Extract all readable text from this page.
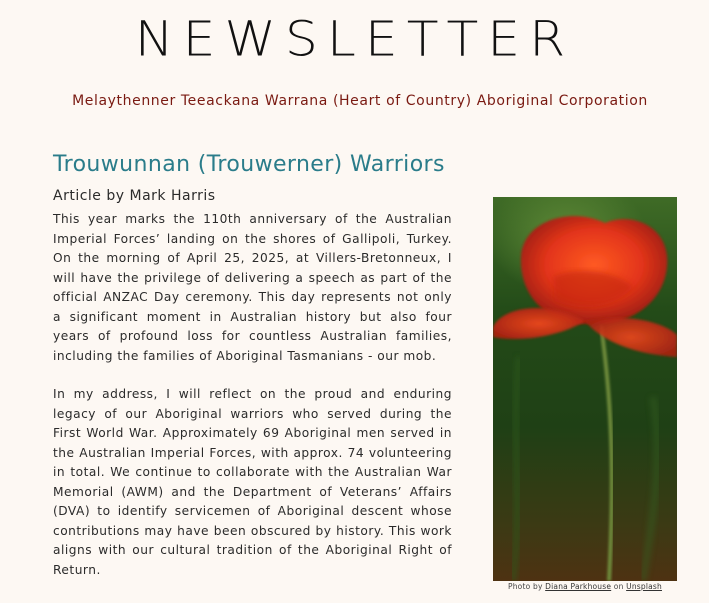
NEWSLETTER
Melaythenner Teeackana Warrana (Heart of Country) Aboriginal Corporation
Trouwunnan (Trouwerner) Warriors
Article by Mark Harris

This year marks the 110th anniversary of the Australian Imperial Forces’ landing on the shores of Gallipoli, Turkey. On the morning of April 25, 2025, at Villers-Bretonneux, I will have the privilege of delivering a speech as part of the official ANZAC Day ceremony. This day represents not only a significant moment in Australian history but also four years of profound loss for countless Australian families, including the families of Aboriginal Tasmanians - our mob.

In my address, I will reflect on the proud and enduring legacy of our Aboriginal warriors who served during the First World War. Approximately 69 Aboriginal men served in the Australian Imperial Forces, with approx. 74 volunteering in total. We continue to collaborate with the Australian War Memorial (AWM) and the Department of Veterans’ Affairs (DVA) to identify servicemen of Aboriginal descent whose contributions may have been obscured by history. This work aligns with our cultural tradition of the Aboriginal Right of Return.

Photo by Diana Parkhouse on Unsplash
